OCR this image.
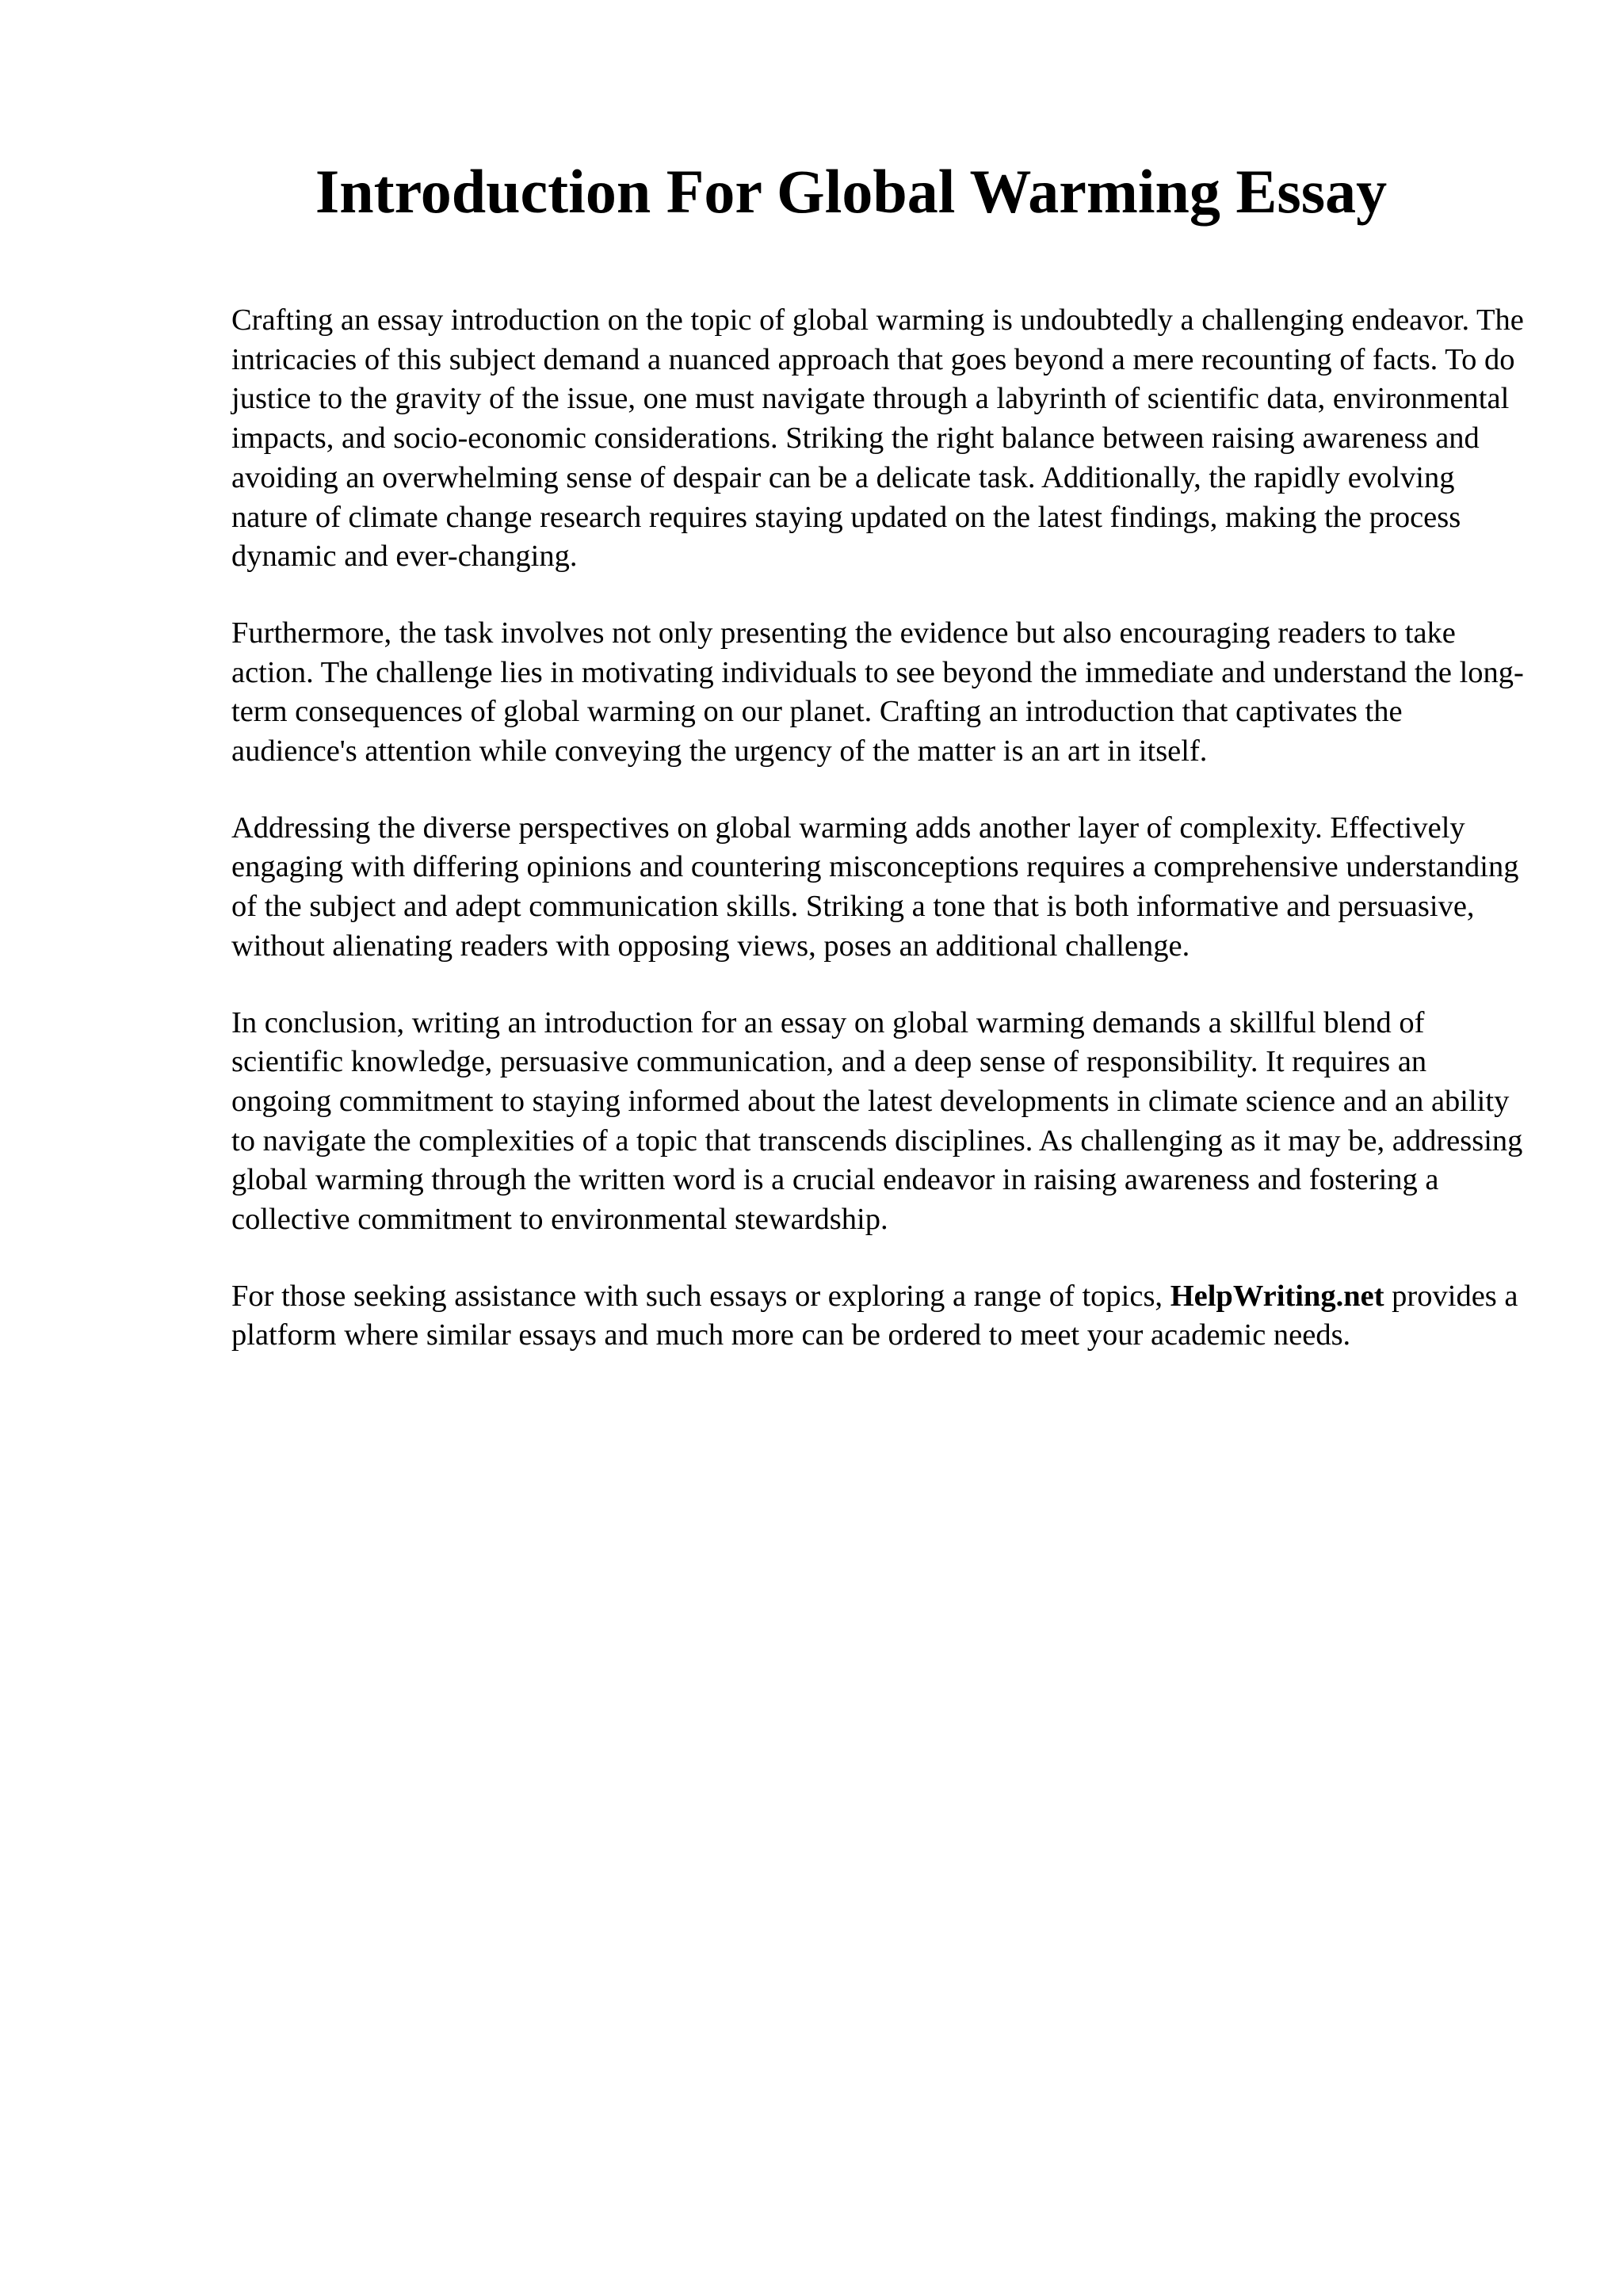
Introduction For Global Warming Essay

Crafting an essay introduction on the topic of global warming is undoubtedly a challenging endeavor. The intricacies of this subject demand a nuanced approach that goes beyond a mere recounting of facts. To do justice to the gravity of the issue, one must navigate through a labyrinth of scientific data, environmental impacts, and socio-economic considerations. Striking the right balance between raising awareness and avoiding an overwhelming sense of despair can be a delicate task. Additionally, the rapidly evolving nature of climate change research requires staying updated on the latest findings, making the process dynamic and ever-changing.

Furthermore, the task involves not only presenting the evidence but also encouraging readers to take action. The challenge lies in motivating individuals to see beyond the immediate and understand the long-term consequences of global warming on our planet. Crafting an introduction that captivates the audience's attention while conveying the urgency of the matter is an art in itself.

Addressing the diverse perspectives on global warming adds another layer of complexity. Effectively engaging with differing opinions and countering misconceptions requires a comprehensive understanding of the subject and adept communication skills. Striking a tone that is both informative and persuasive, without alienating readers with opposing views, poses an additional challenge.

In conclusion, writing an introduction for an essay on global warming demands a skillful blend of scientific knowledge, persuasive communication, and a deep sense of responsibility. It requires an ongoing commitment to staying informed about the latest developments in climate science and an ability to navigate the complexities of a topic that transcends disciplines. As challenging as it may be, addressing global warming through the written word is a crucial endeavor in raising awareness and fostering a collective commitment to environmental stewardship.

For those seeking assistance with such essays or exploring a range of topics, HelpWriting.net provides a platform where similar essays and much more can be ordered to meet your academic needs.
